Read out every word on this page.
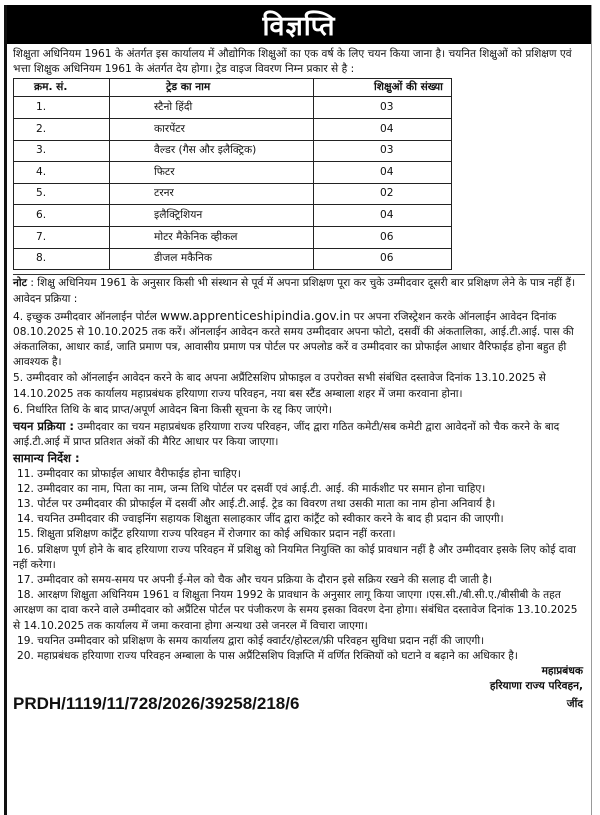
विज्ञप्ति

शिक्षुता अधिनियम 1961 के अंतर्गत इस कार्यालय में औद्योगिक शिक्षुओं का एक वर्ष के लिए चयन किया जाना है। चयनित शिक्षुओं को प्रशिक्षण एवं भत्ता शिक्षुक अधिनियम 1961 के अंतर्गत देय होगा। ट्रेड वाइज विवरण निम्न प्रकार से है :

क्रम. सं.	ट्रेड का नाम	शिक्षुओं की संख्या
1.	स्टैनो हिंदी	03
2.	कारपेंटर	04
3.	वैल्डर (गैस और इलैक्ट्रिक)	03
4.	फिटर	04
5.	टरनर	02
6.	इलैक्ट्रिशियन	04
7.	मोटर मैकेनिक व्हीकल	06
8.	डीजल मकैनिक	06

नोट : शिक्षु अधिनियम 1961 के अनुसार किसी भी संस्थान से पूर्व में अपना प्रशिक्षण पूरा कर चुके उम्मीदवार दूसरी बार प्रशिक्षण लेने के पात्र नहीं हैं।

आवेदन प्रक्रिया :

4. इच्छुक उम्मीदवार ऑनलाईन पोर्टल www.apprenticeshipindia.gov.in पर अपना रजिस्ट्रेशन करके ऑनलाईन आवेदन दिनांक 08.10.2025 से 10.10.2025 तक करें। ऑनलाईन आवेदन करते समय उम्मीदवार अपना फोटो, दसवीं की अंकतालिका, आई.टी.आई. पास की अंकतालिका, आधार कार्ड, जाति प्रमाण पत्र, आवासीय प्रमाण पत्र पोर्टल पर अपलोड करें व उम्मीदवार का प्रोफाईल आधार वैरिफाईड होना बहुत ही आवश्यक है।

5. उम्मीदवार को ऑनलाईन आवेदन करने के बाद अपना अप्रैंटिसशिप प्रोफाइल व उपरोक्त सभी संबंधित दस्तावेज दिनांक 13.10.2025 से 14.10.2025 तक कार्यालय महाप्रबंधक हरियाणा राज्य परिवहन, नया बस स्टैंड अम्बाला शहर में जमा करवाना होना।

6. निर्धारित तिथि के बाद प्राप्त/अपूर्ण आवेदन बिना किसी सूचना के रद्द किए जाएंगे।

चयन प्रक्रिया : उम्मीदवार का चयन महाप्रबंधक हरियाणा राज्य परिवहन, जींद द्वारा गठित कमेटी/सब कमेटी द्वारा आवेदनों को चैक करने के बाद आई.टी.आई में प्राप्त प्रतिशत अंकों की मैरिट आधार पर किया जाएगा।

सामान्य निर्देश :

11. उम्मीदवार का प्रोफाईल आधार वैरीफाईड होना चाहिए।

12. उम्मीदवार का नाम, पिता का नाम, जन्म तिथि पोर्टल पर दसवीं एवं आई.टी. आई. की मार्कशीट पर समान होना चाहिए।

13. पोर्टल पर उम्मीदवार की प्रोफाईल में दसवीं और आई.टी.आई. ट्रेड का विवरण तथा उसकी माता का नाम होना अनिवार्य है।

14. चयनित उम्मीदवार की ज्वाइनिंग सहायक शिक्षुता सलाहकार जींद द्वारा कांट्रैंट को स्वीकार करने के बाद ही प्रदान की जाएगी।

15. शिक्षुता प्रशिक्षण कांट्रैंट हरियाणा राज्य परिवहन में रोजगार का कोई अधिकार प्रदान नहीं करता।

16. प्रशिक्षण पूर्ण होने के बाद हरियाणा राज्य परिवहन में प्रशिक्षु को नियमित नियुक्ति का कोई प्रावधान नहीं है और उम्मीदवार इसके लिए कोई दावा नहीं करेगा।

17. उम्मीदवार को समय-समय पर अपनी ई-मेल को चैक और चयन प्रक्रिया के दौरान इसे सक्रिय रखने की सलाह दी जाती है।

18. आरक्षण शिक्षुता अधिनियम 1961 व शिक्षुता नियम 1992 के प्रावधान के अनुसार लागू किया जाएगा ।एस.सी./बी.सी.ए./बीसीबी के तहत आरक्षण का दावा करने वाले उम्मीदवार को अप्रैंटिस पोर्टल पर पंजीकरण के समय इसका विवरण देना होगा। संबंधित दस्तावेज दिनांक 13.10.2025 से 14.10.2025 तक कार्यालय में जमा करवाना होगा अन्यथा उसे जनरल में विचारा जाएगा।

19. चयनित उम्मीदवार को प्रशिक्षण के समय कार्यालय द्वारा कोई क्वार्टर/होस्टल/फ्री परिवहन सुविधा प्रदान नहीं की जाएगी।

20. महाप्रबंधक हरियाणा राज्य परिवहन अम्बाला के पास अप्रैंटिसशिप विज्ञप्ति में वर्णित रिक्तियों को घटाने व बढ़ाने का अधिकार है।

महाप्रबंधक

हरियाणा राज्य परिवहन,

PRDH/1119/11/728/2026/39258/218/6	जींद
